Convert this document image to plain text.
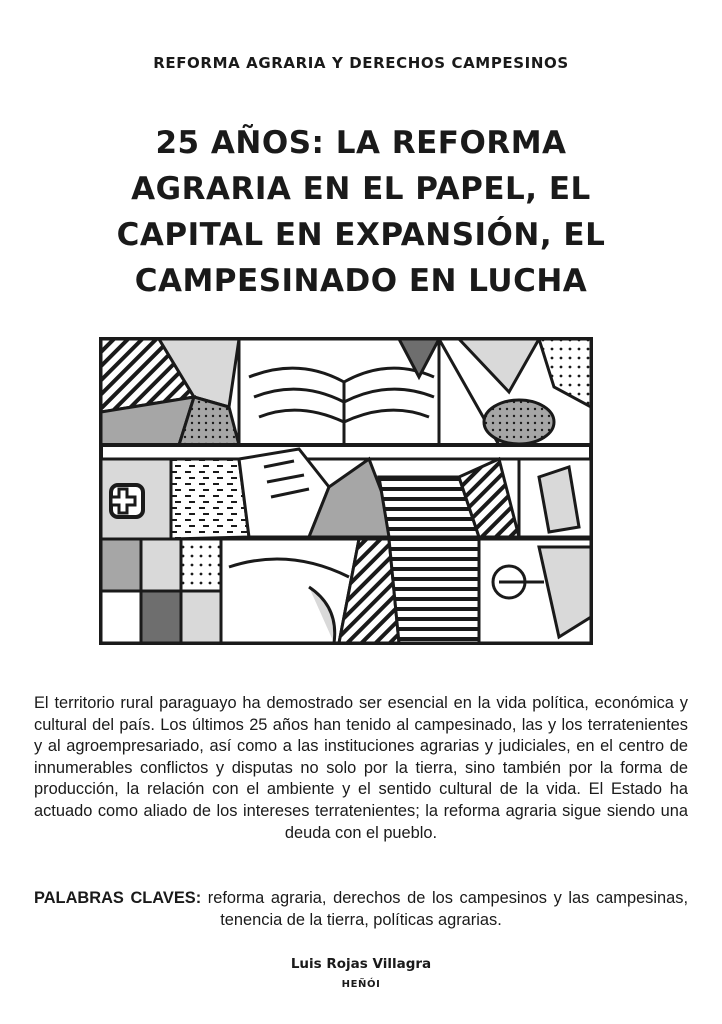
REFORMA AGRARIA Y DERECHOS CAMPESINOS
25 AÑOS: LA REFORMA
AGRARIA EN EL PAPEL, EL
CAPITAL EN EXPANSIÓN, EL
CAMPESINADO EN LUCHA

El territorio rural paraguayo ha demostrado ser esencial en la vida política, económica y cultural del país. Los últimos 25 años han tenido al campesinado, las y los terratenientes y al agroempresariado, así como a las instituciones agrarias y judiciales, en el centro de innumerables conflictos y disputas no solo por la tierra, sino también por la forma de producción, la relación con el ambiente y el sentido cultural de la vida. El Estado ha actuado como aliado de los intereses terratenientes; la reforma agraria sigue siendo una deuda con el pueblo.

PALABRAS CLAVES: reforma agraria, derechos de los campesinos y las campesinas, tenencia de la tierra, políticas agrarias.

Luis Rojas Villagra
HEÑÓI
